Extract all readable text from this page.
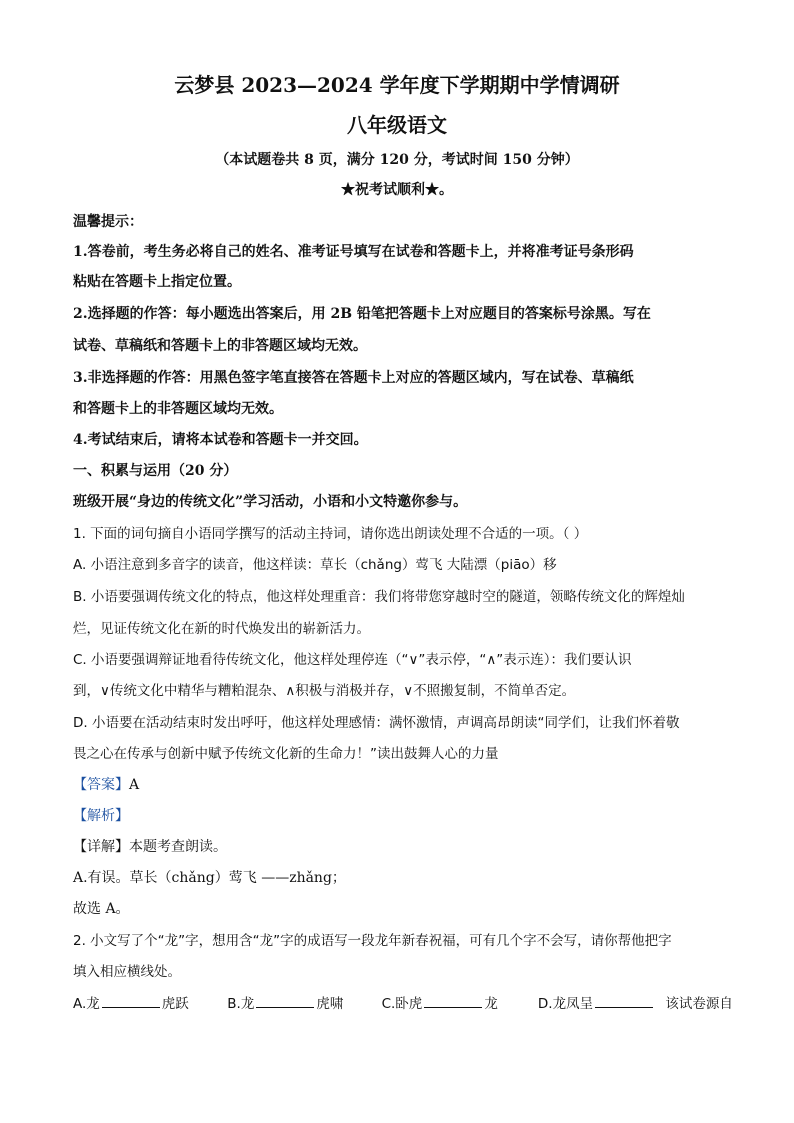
云梦县 2023—2024 学年度下学期期中学情调研
八年级语文
（本试题卷共 8 页，满分 120 分，考试时间 150 分钟）
★祝考试顺利★。
温馨提示：
1.答卷前，考生务必将自己的姓名、准考证号填写在试卷和答题卡上，并将准考证号条形码
粘贴在答题卡上指定位置。
2.选择题的作答：每小题选出答案后，用 2B 铅笔把答题卡上对应题目的答案标号涂黑。写在
试卷、草稿纸和答题卡上的非答题区域均无效。
3.非选择题的作答：用黑色签字笔直接答在答题卡上对应的答题区域内，写在试卷、草稿纸
和答题卡上的非答题区域均无效。
4.考试结束后，请将本试卷和答题卡一并交回。
一、积累与运用（20 分）
班级开展“身边的传统文化”学习活动，小语和小文特邀你参与。
1. 下面的词句摘自小语同学撰写的活动主持词，请你选出朗读处理不合适的一项。（ ）
A. 小语注意到多音字的读音，他这样读：草长（chǎng）莺飞 大陆漂（piāo）移
B. 小语要强调传统文化的特点，他这样处理重音：我们将带您穿越时空的隧道，领略传统文化的辉煌灿
烂，见证传统文化在新的时代焕发出的崭新活力。
C. 小语要强调辩证地看待传统文化，他这样处理停连（“∨”表示停，“∧”表示连）：我们要认识
到，∨传统文化中精华与糟粕混杂、∧积极与消极并存，∨不照搬复制，不简单否定。
D. 小语要在活动结束时发出呼吁，他这样处理感情：满怀激情，声调高昂朗读“同学们，让我们怀着敬
畏之心在传承与创新中赋予传统文化新的生命力！”读出鼓舞人心的力量
【答案】A
【解析】
【详解】本题考查朗读。
A.有误。草长（chǎng）莺飞 ——zhǎng；
故选 A。
2. 小文写了个“龙”字，想用含“龙”字的成语写一段龙年新春祝福，可有几个字不会写，请你帮他把字
填入相应横线处。
A.龙	虎跃	B.龙	虎啸	C.卧虎	龙	D.龙凤呈	该试卷源自
